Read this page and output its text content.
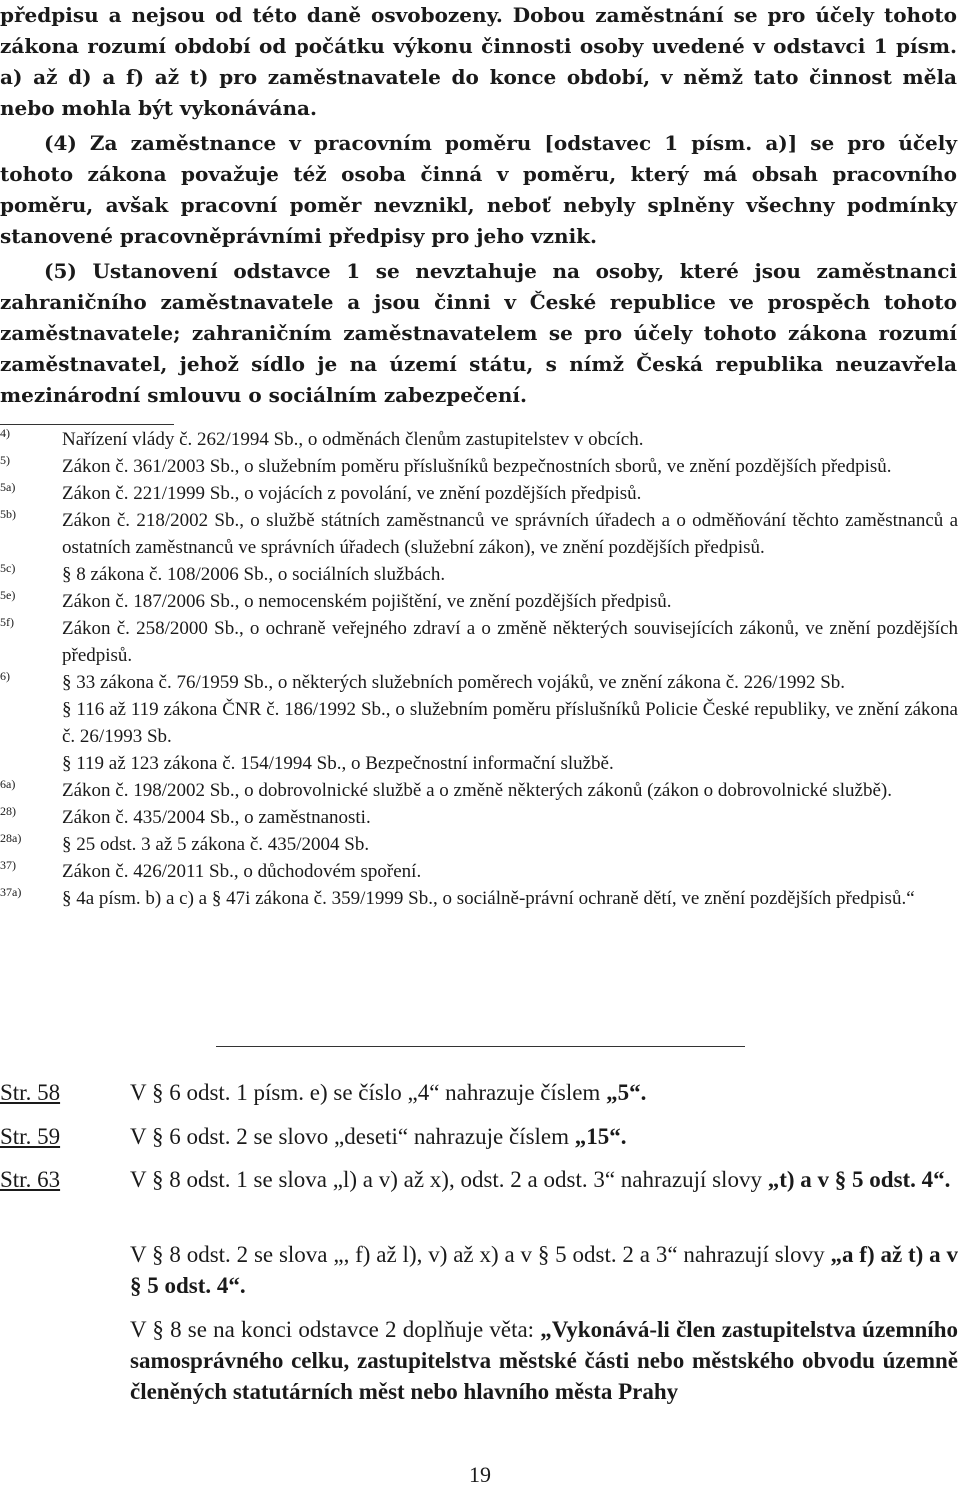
předpisu a nejsou od této daně osvobozeny. Dobou zaměstnání se pro účely tohoto zákona rozumí období od počátku výkonu činnosti osoby uvedené v odstavci 1 písm. a) až d) a f) až t) pro zaměstnavatele do konce období, v němž tato činnost měla nebo mohla být vykonávána.

(4) Za zaměstnance v pracovním poměru [odstavec 1 písm. a)] se pro účely tohoto zákona považuje též osoba činná v poměru, který má obsah pracovního poměru, avšak pracovní poměr nevznikl, neboť nebyly splněny všechny podmínky stanovené pracovněprávními předpisy pro jeho vznik.

(5) Ustanovení odstavce 1 se nevztahuje na osoby, které jsou zaměstnanci zahraničního zaměstnavatele a jsou činni v České republice ve prospěch tohoto zaměstnavatele; zahraničním zaměstnavatelem se pro účely tohoto zákona rozumí zaměstnavatel, jehož sídlo je na území státu, s nímž Česká republika neuzavřela mezinárodní smlouvu o sociálním zabezpečení.

4)	Nařízení vlády č. 262/1994 Sb., o odměnách členům zastupitelstev v obcích.
5)	Zákon č. 361/2003 Sb., o služebním poměru příslušníků bezpečnostních sborů, ve znění pozdějších předpisů.
5a) Zákon č. 221/1999 Sb., o vojácích z povolání, ve znění pozdějších předpisů.
5b) Zákon č. 218/2002 Sb., o službě státních zaměstnanců ve správních úřadech a o odměňování těchto zaměstnanců a ostatních zaměstnanců ve správních úřadech (služební zákon), ve znění pozdějších předpisů.
5c) § 8 zákona č. 108/2006 Sb., o sociálních službách.
5e) Zákon č. 187/2006 Sb., o nemocenském pojištění, ve znění pozdějších předpisů.
5f)	Zákon č. 258/2000 Sb., o ochraně veřejného zdraví a o změně některých souvisejících zákonů, ve znění pozdějších předpisů.
6)	§ 33 zákona č. 76/1959 Sb., o některých služebních poměrech vojáků, ve znění zákona č. 226/1992 Sb.
§ 116 až 119 zákona ČNR č. 186/1992 Sb., o služebním poměru příslušníků Policie České republiky, ve znění zákona č. 26/1993 Sb.
§ 119 až 123 zákona č. 154/1994 Sb., o Bezpečnostní informační službě.
6a) Zákon č. 198/2002 Sb., o dobrovolnické službě a o změně některých zákonů (zákon o dobrovolnické službě).
28) Zákon č. 435/2004 Sb., o zaměstnanosti.
28a) § 25 odst. 3 až 5 zákona č. 435/2004 Sb.
37) Zákon č. 426/2011 Sb., o důchodovém spoření.
37a) § 4a písm. b) a c) a § 47i zákona č. 359/1999 Sb., o sociálně-právní ochraně dětí, ve znění pozdějších předpisů.“
Str. 58	V § 6 odst. 1 písm. e) se číslo „4“ nahrazuje číslem „5“.
Str. 59	V § 6 odst. 2 se slovo „deseti“ nahrazuje číslem „15“.
Str. 63	V § 8 odst. 1 se slova „l) a v) až x), odst. 2 a odst. 3“ nahrazují slovy „t) a v § 5 odst. 4“.
V § 8 odst. 2 se slova „, f) až l), v) až x) a v § 5 odst. 2 a 3“ nahrazují slovy „a f) až t) a v § 5 odst. 4“.
V § 8 se na konci odstavce 2 doplňuje věta: „Vykonává-li člen zastupitelstva územního samosprávného celku, zastupitelstva městské části nebo městského obvodu územně členěných statutárních měst nebo hlavního města Prahy
19
